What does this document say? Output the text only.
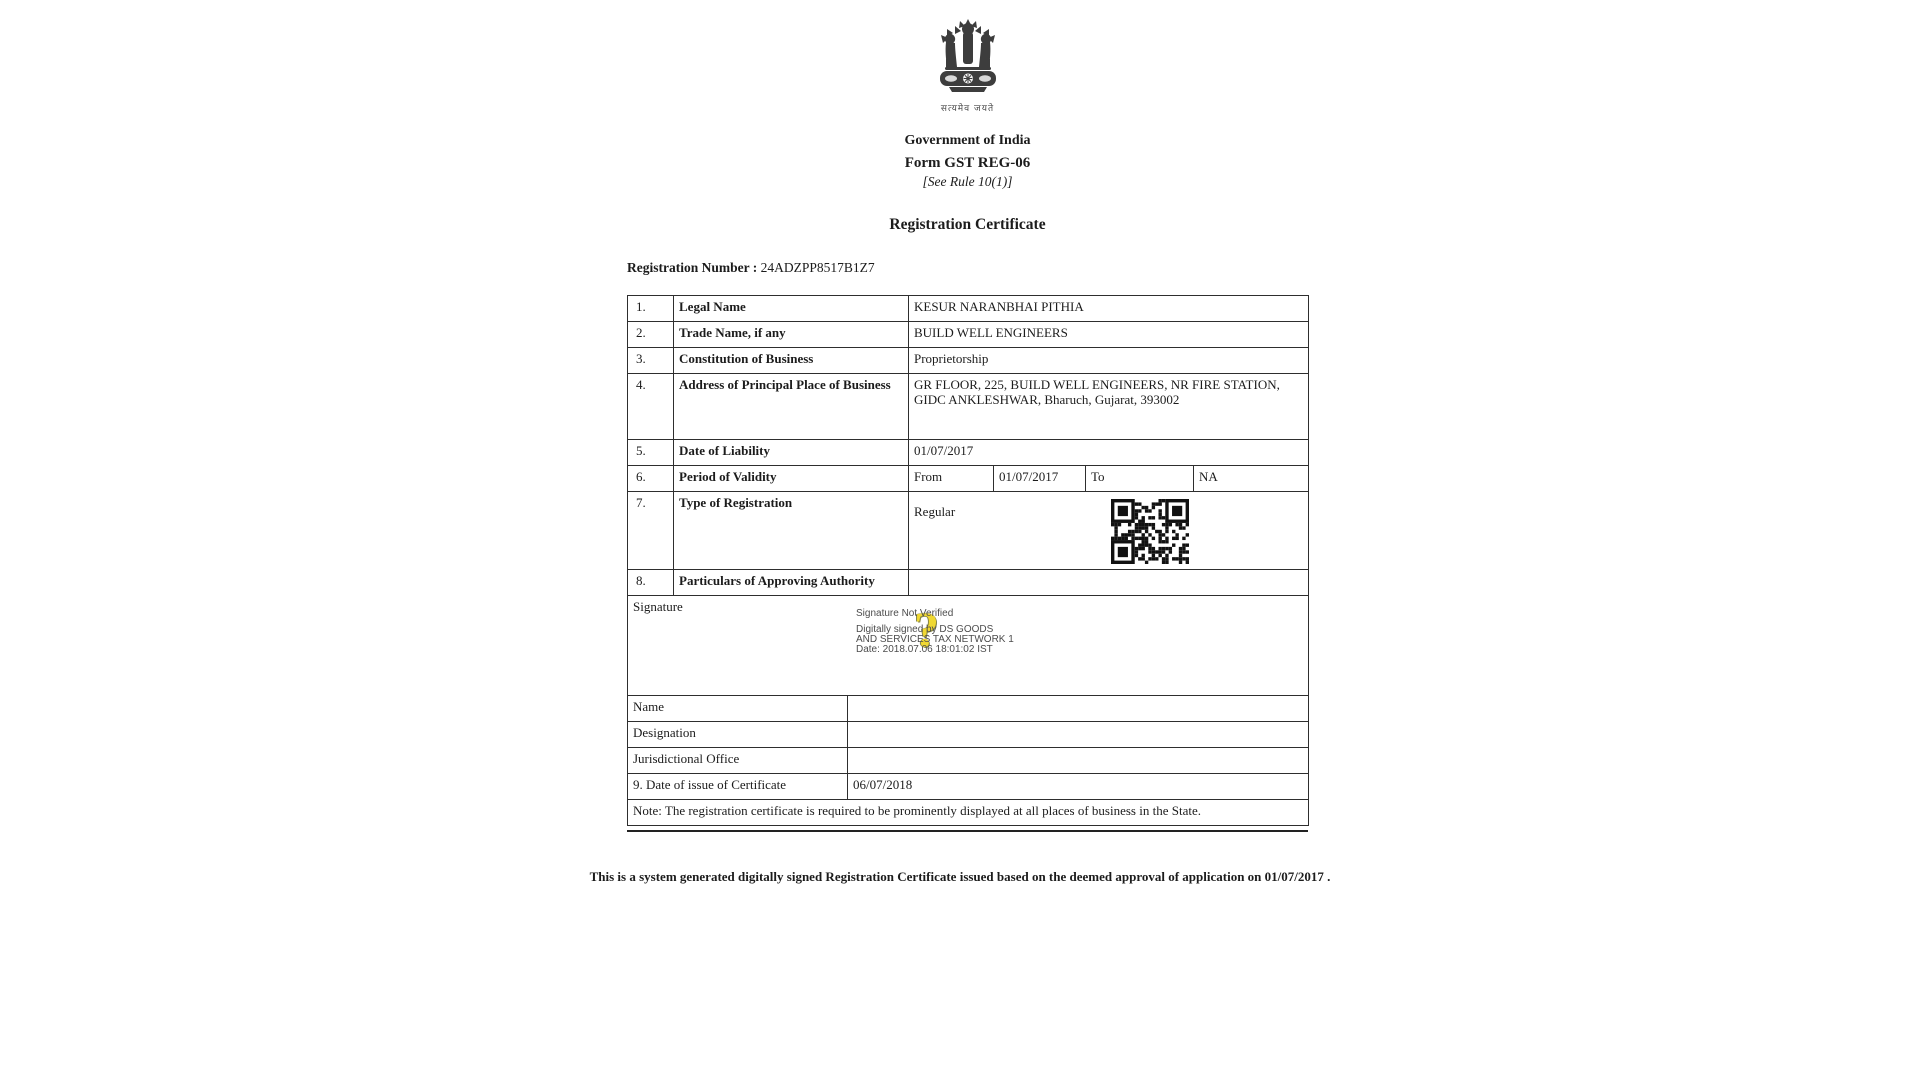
सत्यमेव जयते
Government of India
Form GST REG-06
[See Rule 10(1)]
Registration Certificate
Registration Number : 24ADZPP8517B1Z7
1.	Legal Name	KESUR NARANBHAI PITHIA			
2.	Trade Name, if any	BUILD WELL ENGINEERS			
3.	Constitution of Business	Proprietorship			
4.	Address of Principal Place of Business	GR FLOOR, 225, BUILD WELL ENGINEERS, NR FIRE STATION, GIDC ANKLESHWAR, Bharuch, Gujarat, 393002			
5.	Date of Liability	01/07/2017			
6.	Period of Validity	From	01/07/2017	To	NA
7.	Type of Registration	Regular			

8.	Particulars of Approving Authority				
Signature	?
Signature Not Verified
Digitally signed by DS GOODS
AND SERVICES TAX NETWORK 1
Date: 2018.07.06 18:01:02 IST

Name	
Designation	
Jurisdictional Office	
9. Date of issue of Certificate	06/07/2018
Note: The registration certificate is required to be prominently displayed at all places of business in the State.	
This is a system generated digitally signed Registration Certificate issued based on the deemed approval of application on 01/07/2017 .
